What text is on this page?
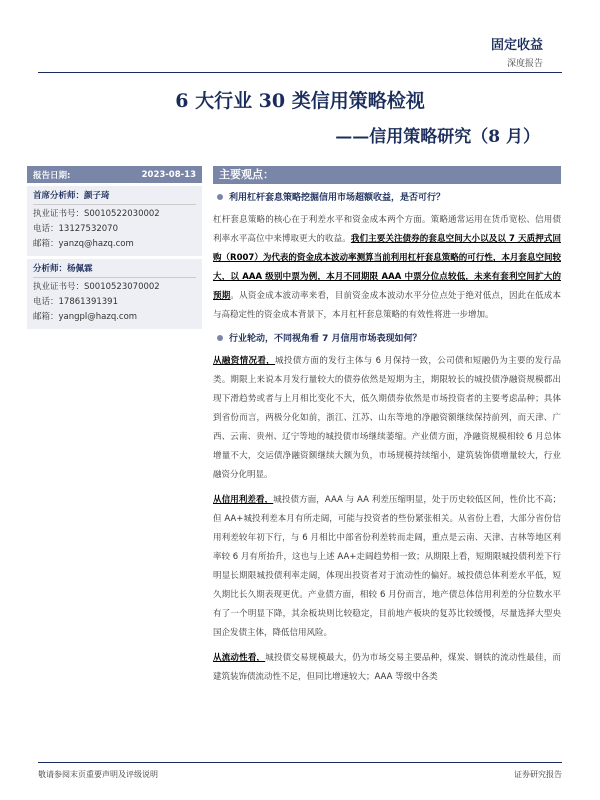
固定收益
深度报告
6 大行业 30 类信用策略检视
——信用策略研究（8 月）
报告日期:	2023-08-13
首席分析师：颜子琦
执业证书号：S0010522030002
电话：13127532070
邮箱：yanzq@hazq.com
分析师：杨佩霖
执业证书号：S0010523070002
电话：17861391391
邮箱：yangpl@hazq.com
主要观点：
利用杠杆套息策略挖掘信用市场超额收益，是否可行？

杠杆套息策略的核心在于利差水平和资金成本两个方面。策略通常运用在货币宽松、信用债利率水平高位中来博取更大的收益。我们主要关注债券的套息空间大小以及以 7 天质押式回购（R007）为代表的资金成本波动率测算当前利用杠杆套息策略的可行性，本月套息空间较大，以 AAA 级别中票为例，本月不同期限 AAA 中票分位点较低，未来有套利空间扩大的预期。从资金成本波动率来看，目前资金成本波动水平分位点处于绝对低点，因此在低成本与高稳定性的资金成本背景下，本月杠杆套息策略的有效性将进一步增加。

行业轮动，不同视角看 7 月信用市场表现如何？

从融资情况看，城投债方面的发行主体与 6 月保持一致，公司债和短融仍为主要的发行品类。期限上来说本月发行量较大的债券依然是短期为主，期限较长的城投债净融资规模都出现下滑趋势或者与上月相比变化不大，低久期债券依然是市场投资者的主要考虑品种；具体到省份而言，两极分化如前，浙江、江苏、山东等地的净融资额继续保持前列，而天津、广西、云南、贵州、辽宁等地的城投债市场继续萎缩。产业债方面，净融资规模相较 6 月总体增量不大，交运债净融资额继续大额为负，市场规模持续缩小，建筑装饰债增量较大，行业融资分化明显。

从信用利差看，城投债方面，AAA 与 AA 利差压缩明显，处于历史较低区间，性价比不高；但 AA+城投利差本月有所走阔，可能与投资者的些份紧张相关。从省份上看，大部分省份信用利差较年初下行，与 6 月相比中部省份利差转而走阔，重点是云南、天津、吉林等地区利率较 6 月有所抬升，这也与上述 AA+走阔趋势相一致；从期限上看，短期限城投债利差下行明显长期限城投债利率走阔，体现出投资者对于流动性的偏好。城投债总体利差水平低，短久期比长久期表现更优。产业债方面，相较 6 月份而言，地产债总体信用利差的分位数水平有了一个明显下降，其余板块则比较稳定，目前地产板块的复苏比较缓慢，尽量选择大型央国企发债主体，降低信用风险。

从流动性看，城投债交易规模最大，仍为市场交易主要品种，煤炭、钢铁的流动性最佳，而建筑装饰债流动性不足，但同比增速较大；AAA 等级中各类

敬请参阅末页重要声明及评级说明	证券研究报告
